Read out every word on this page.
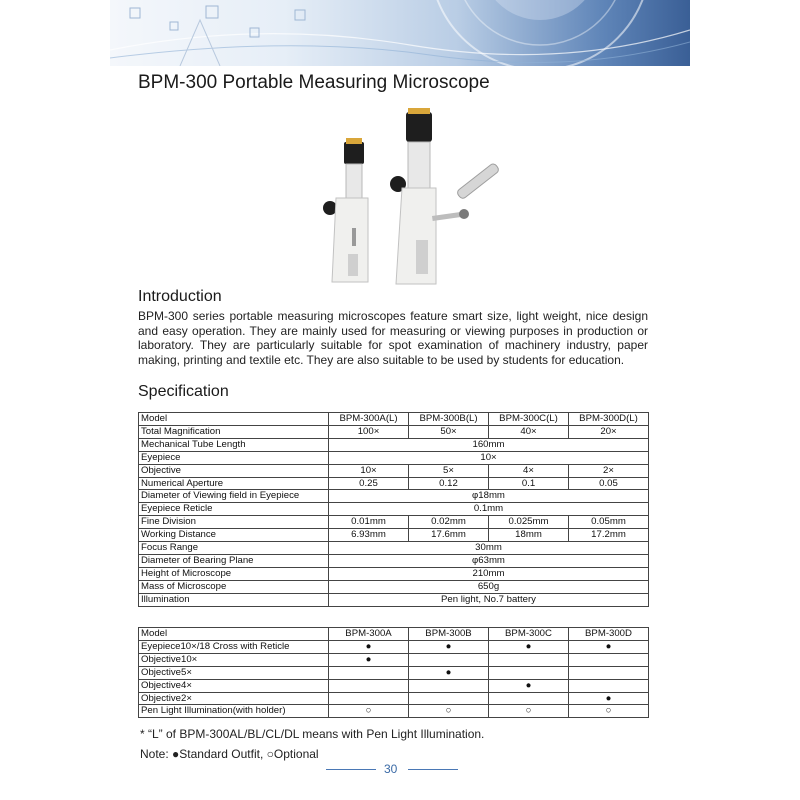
BPM-300 Portable Measuring Microscope
Introduction

BPM-300 series portable measuring microscopes feature smart size, light weight, nice design and easy operation. They are mainly used for measuring or viewing purposes in production or laboratory. They are particularly suitable for spot examination of machinery industry, paper making, printing and textile etc. They are also suitable to be used by students for education.

Specification
Model	BPM-300A(L)	BPM-300B(L)	BPM-300C(L)	BPM-300D(L)
Total Magnification	100×	50×	40×	20×
Mechanical Tube Length	160mm			
Eyepiece	10×			
Objective	10×	5×	4×	2×
Numerical Aperture	0.25	0.12	0.1	0.05
Diameter of Viewing field in Eyepiece	φ18mm			
Eyepiece Reticle	0.1mm			
Fine Division	0.01mm	0.02mm	0.025mm	0.05mm
Working Distance	6.93mm	17.6mm	18mm	17.2mm
Focus Range	30mm			
Diameter of Bearing Plane	φ63mm			
Height of Microscope	210mm			
Mass of Microscope	650g			
Illumination	Pen light, No.7 battery			
Model	BPM-300A	BPM-300B	BPM-300C	BPM-300D
Eyepiece10×/18 Cross with Reticle	●	●	●	●
Objective10×	●			
Objective5×		●		
Objective4×			●	
Objective2×				●
Pen Light Illumination(with holder)	○	○	○	○

* “L” of BPM-300AL/BL/CL/DL means with Pen Light Illumination.

Note: ●Standard Outfit, ○Optional

30
